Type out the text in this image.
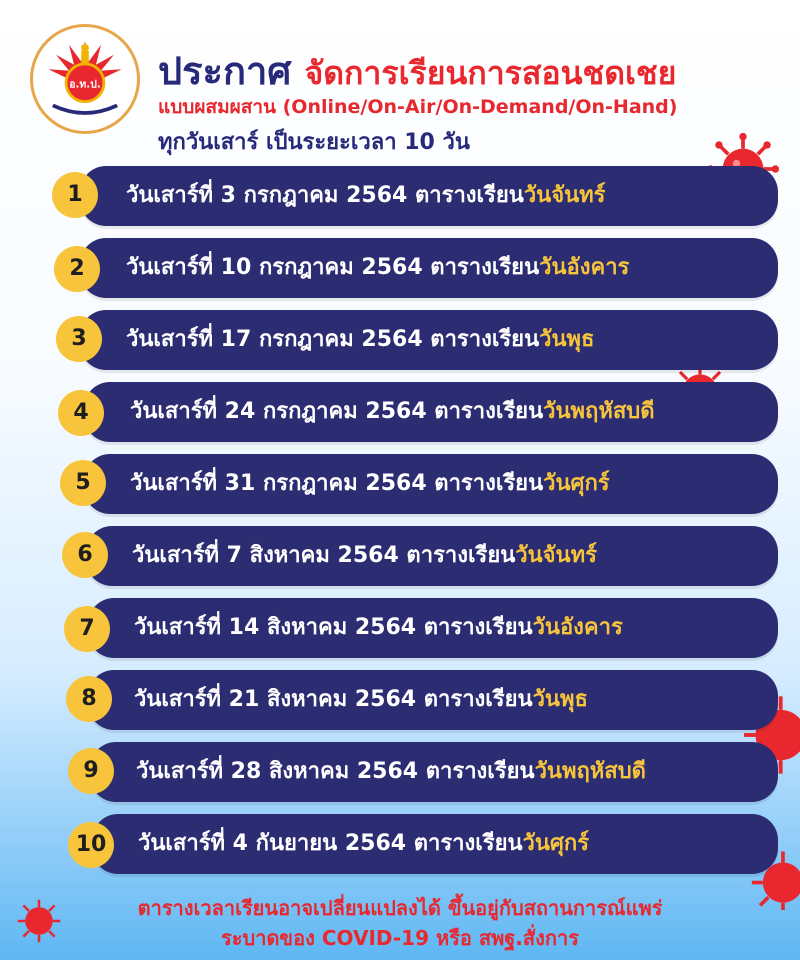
อ.ท.ป. ประกาศ จัดการเรียนการสอนชดเชย
แบบผสมผสาน (Online/On-Air/On-Demand/On-Hand)
ทุกวันเสาร์ เป็นระยะเวลา 10 วัน
วันเสาร์ที่ 3 กรกฎาคม 2564 ตารางเรียนวันจันทร์
1
วันเสาร์ที่ 10 กรกฎาคม 2564 ตารางเรียนวันอังคาร
2
วันเสาร์ที่ 17 กรกฎาคม 2564 ตารางเรียนวันพุธ
3
วันเสาร์ที่ 24 กรกฎาคม 2564 ตารางเรียนวันพฤหัสบดี
4
วันเสาร์ที่ 31 กรกฎาคม 2564 ตารางเรียนวันศุกร์
5
วันเสาร์ที่ 7 สิงหาคม 2564 ตารางเรียนวันจันทร์
6
วันเสาร์ที่ 14 สิงหาคม 2564 ตารางเรียนวันอังคาร
7
วันเสาร์ที่ 21 สิงหาคม 2564 ตารางเรียนวันพุธ
8
วันเสาร์ที่ 28 สิงหาคม 2564 ตารางเรียนวันพฤหัสบดี
9
วันเสาร์ที่ 4 กันยายน 2564 ตารางเรียนวันศุกร์
10
ตารางเวลาเรียนอาจเปลี่ยนแปลงได้ ขึ้นอยู่กับสถานการณ์แพร่
ระบาดของ COVID-19 หรือ สพฐ.สั่งการ
